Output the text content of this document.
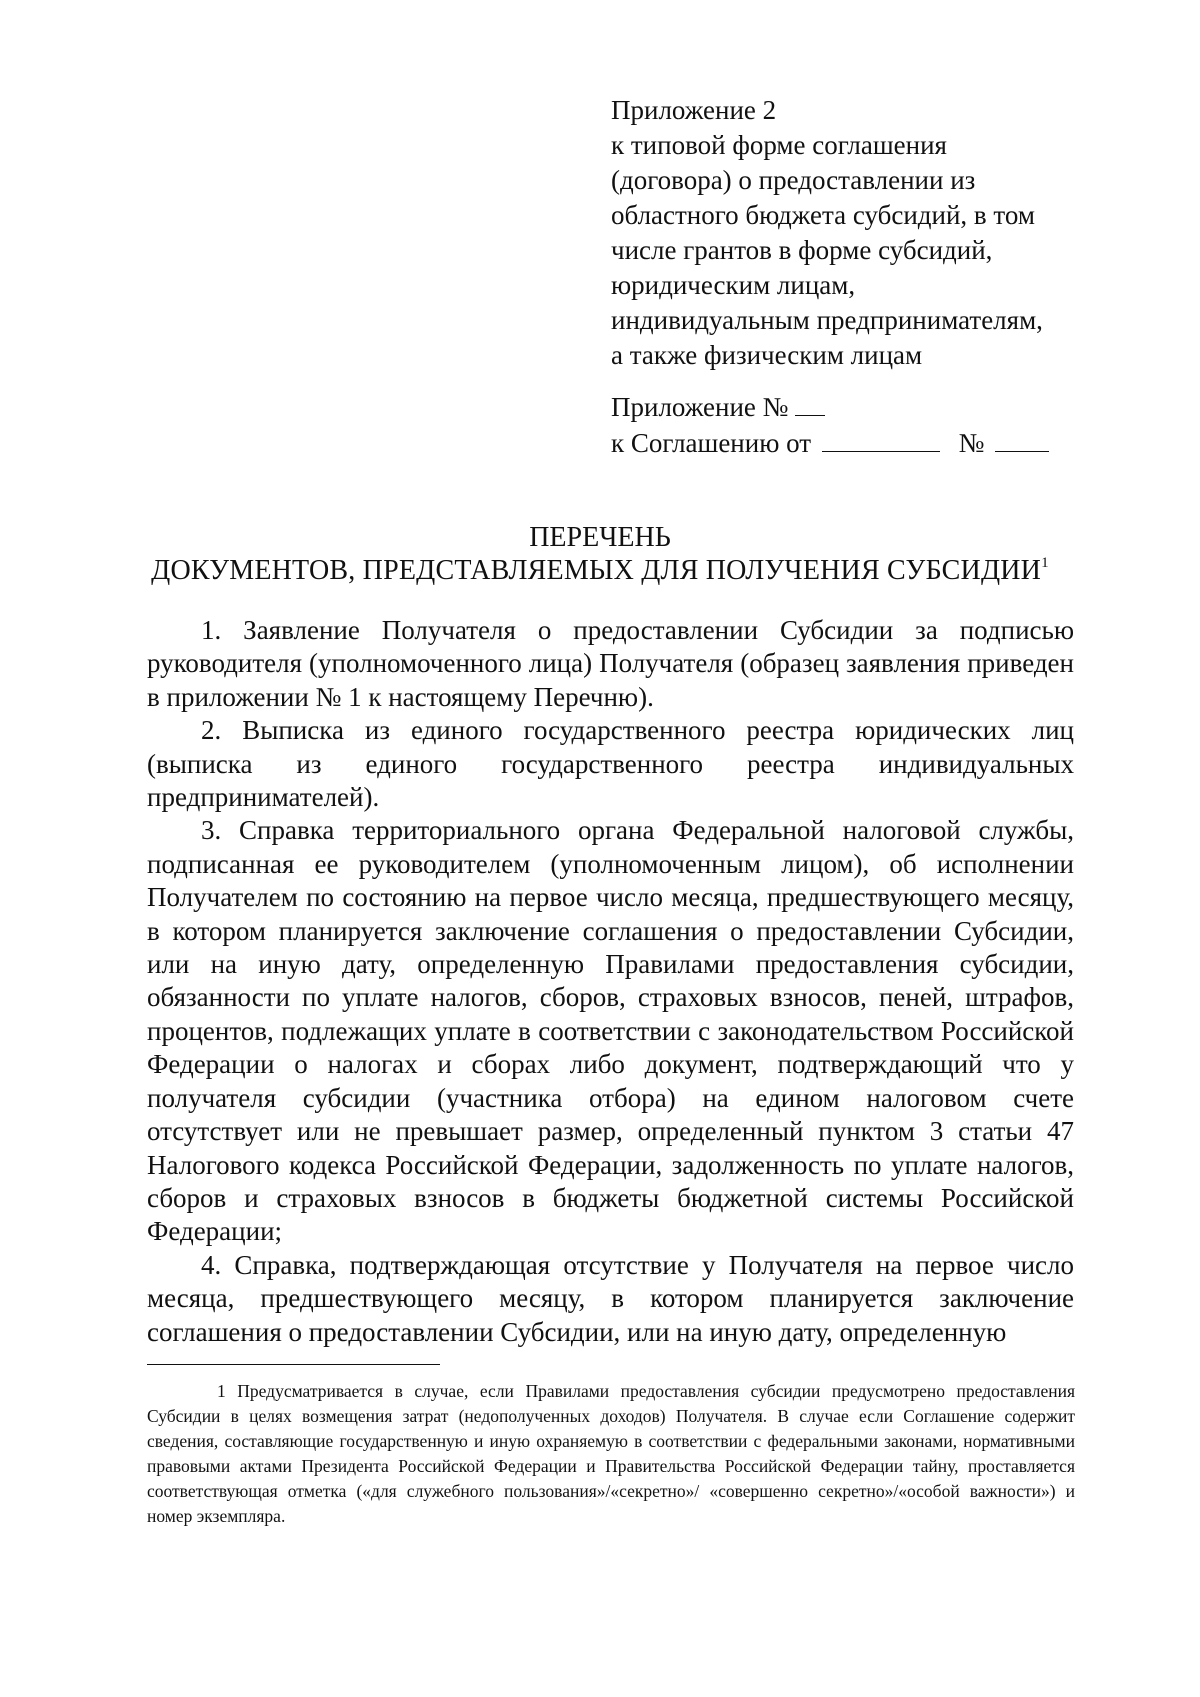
Приложение 2
к типовой форме соглашения
(договора) о предоставлении из
областного бюджета субсидий, в том
числе грантов в форме субсидий,
юридическим лицам,
индивидуальным предпринимателям,
а также физическим лицам
Приложение №
к Соглашению от	№
ПЕРЕЧЕНЬ
ДОКУМЕНТОВ, ПРЕДСТАВЛЯЕМЫХ ДЛЯ ПОЛУЧЕНИЯ СУБСИДИИ$^1$

1. Заявление Получателя о предоставлении Субсидии за подписью руководителя (уполномоченного лица) Получателя (образец заявления приведен в приложении № 1 к настоящему Перечню).

2. Выписка из единого государственного реестра юридических лиц (выписка из единого государственного реестра индивидуальных предпринимателей).

3. Справка территориального органа Федеральной налоговой службы, подписанная ее руководителем (уполномоченным лицом), об исполнении Получателем по состоянию на первое число месяца, предшествующего месяцу, в котором планируется заключение соглашения о предоставлении Субсидии, или на иную дату, определенную Правилами предоставления субсидии, обязанности по уплате налогов, сборов, страховых взносов, пеней, штрафов, процентов, подлежащих уплате в соответствии с законодательством Российской Федерации о налогах и сборах либо документ, подтверждающий что у получателя субсидии (участника отбора) на едином налоговом счете отсутствует или не превышает размер, определенный пунктом 3 статьи 47 Налогового кодекса Российской Федерации, задолженность по уплате налогов, сборов и страховых взносов в бюджеты бюджетной системы Российской Федерации;

4. Справка, подтверждающая отсутствие у Получателя на первое число месяца, предшествующего месяцу, в котором планируется заключение соглашения о предоставлении Субсидии, или на иную дату, определенную

1 Предусматривается в случае, если Правилами предоставления субсидии предусмотрено предоставления Субсидии в целях возмещения затрат (недополученных доходов) Получателя. В случае если Соглашение содержит сведения, составляющие государственную и иную охраняемую в соответствии с федеральными законами, нормативными правовыми актами Президента Российской Федерации и Правительства Российской Федерации тайну, проставляется соответствующая отметка («для служебного пользования»/«секретно»/ «совершенно секретно»/«особой важности») и номер экземпляра.
